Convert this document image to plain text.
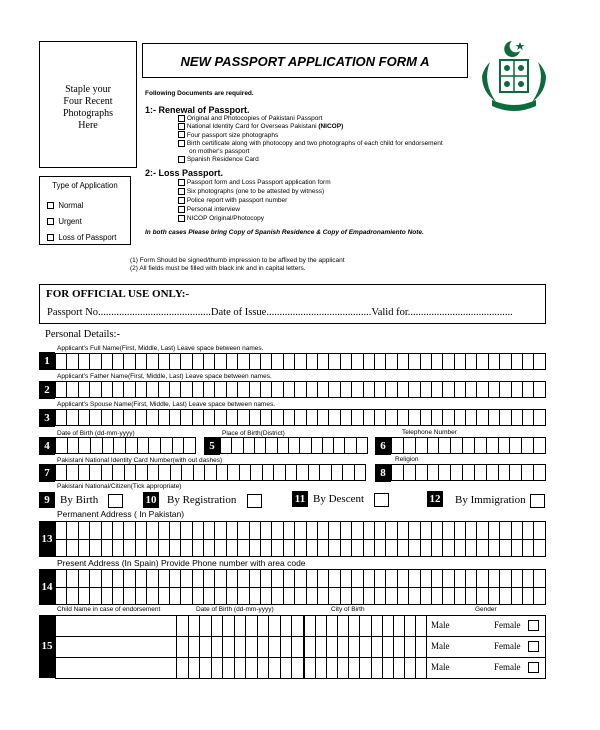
Staple your
Four Recent
Photographs
Here
NEW PASSPORT APPLICATION FORM A
Type of Application
Normal
Urgent
Loss of Passport
Following Documents are required.
1:- Renewal of Passport.
Original and Photocopies of Pakistani Passport
National Identity Card for Overseas Pakistani (NICOP)
Four passport size photographs
Birth certificate along with photocopy and two photographs of each child for endorsement
on mother's passport
Spanish Residence Card
2:- Loss Passport.
Passport form and Loss Passport application form
Six photographs (one to be attested by witness)
Police report with passport number
Personal interview
NICOP Original/Photocopy
In both cases Please bring Copy of Spanish Residence & Copy of Empadronamiento Note.
(1) Form Should be signed/thumb impression to be affixed by the applicant
(2) All fields must be filled with black ink and in capital letters.
FOR OFFICIAL USE ONLY:-
Passport No...........................................Date of Issue........................................Valid for........................................
Personal Details:-
1
Applicant's Full Name(First, Middle, Last) Leave space between names.
2
Applicant's Father Name(First, Middle, Last) Leave space between names.
3
Applicant's Spouse Name(First, Middle, Last) Leave space between names.
4
Date of Birth (dd-mm-yyyy)
5
Place of Birth(District)
6
Telephone Number
7
Pakistani National Identity Card Number(with out dashes)
8
Religion
Pakistani National/Citizen(Tick appropriate)
9 By Birth	10 By Registration	11 By Descent	12 By Immigration
Permanent Address ( In Pakistan)
13
Present Address (In Spain) Provide Phone number with area code
14
Child Name in case of endorsement	Date of Birth (dd-mm-yyyy)	City of Birth	Gender
15
Male	Female
Male	Female
Male	Female
